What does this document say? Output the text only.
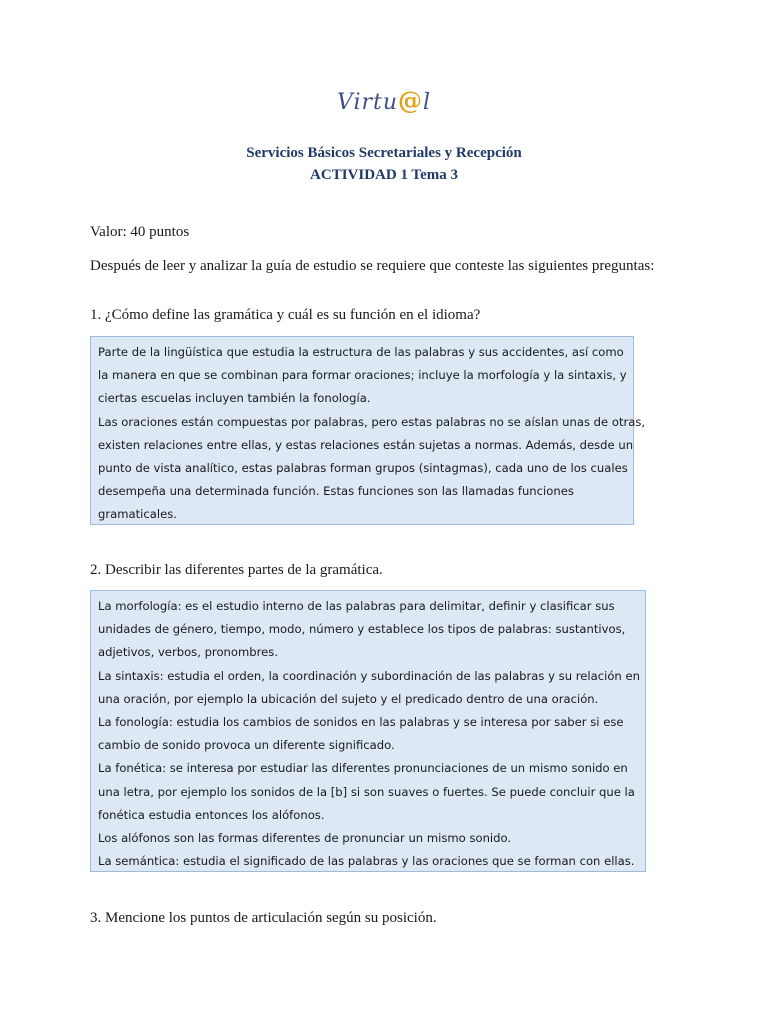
Virtu@l
Servicios Básicos Secretariales y Recepción
ACTIVIDAD 1 Tema 3
Valor: 40 puntos
Después de leer y analizar la guía de estudio se requiere que conteste las siguientes preguntas:
1. ¿Cómo define las gramática y cuál es su función en el idioma?

Parte de la lingüística que estudia la estructura de las palabras y sus accidentes, así como

la manera en que se combinan para formar oraciones; incluye la morfología y la sintaxis, y

ciertas escuelas incluyen también la fonología.

Las oraciones están compuestas por palabras, pero estas palabras no se aíslan unas de otras,

existen relaciones entre ellas, y estas relaciones están sujetas a normas. Además, desde un

punto de vista analítico, estas palabras forman grupos (sintagmas), cada uno de los cuales

desempeña una determinada función. Estas funciones son las llamadas funciones

gramaticales.

2. Describir las diferentes partes de la gramática.

La morfología: es el estudio interno de las palabras para delimitar, definir y clasificar sus

unidades de género, tiempo, modo, número y establece los tipos de palabras: sustantivos,

adjetivos, verbos, pronombres.

La sintaxis: estudia el orden, la coordinación y subordinación de las palabras y su relación en

una oración, por ejemplo la ubicación del sujeto y el predicado dentro de una oración.

La fonología: estudia los cambios de sonidos en las palabras y se interesa por saber si ese

cambio de sonido provoca un diferente significado.

La fonética: se interesa por estudiar las diferentes pronunciaciones de un mismo sonido en

una letra, por ejemplo los sonidos de la [b] si son suaves o fuertes. Se puede concluir que la

fonética estudia entonces los alófonos.

Los alófonos son las formas diferentes de pronunciar un mismo sonido.

La semántica: estudia el significado de las palabras y las oraciones que se forman con ellas.

3. Mencione los puntos de articulación según su posición.
